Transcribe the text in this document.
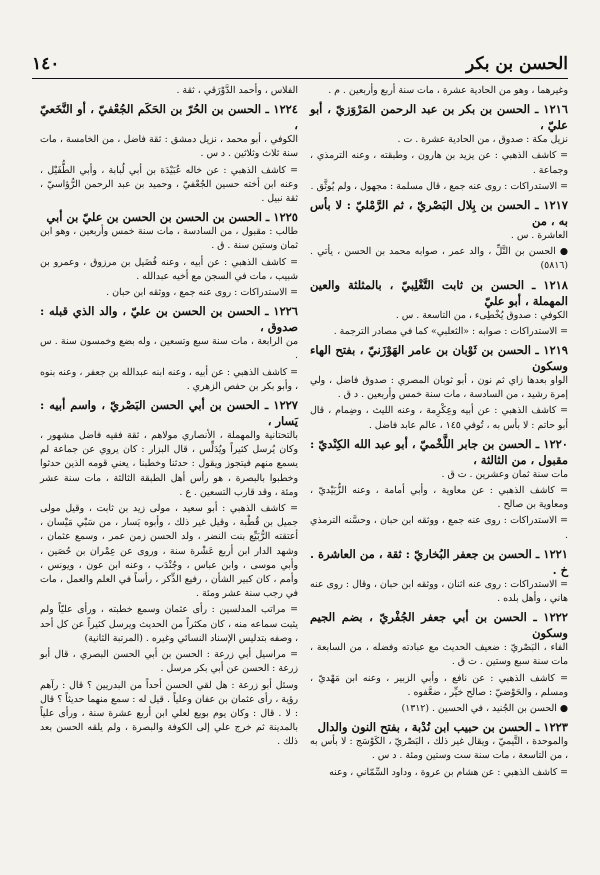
الحسن بن بكر
١٤٠

وغيرهما ، وهو من الحادية عشرة ، مات سنة أربع وأربعين . م .

١٢١٦ ـ الحسن بن بكر بن عبد الرحمن المَرْوَزيّ ، أبو عليّ ،

نزيل مكة : صدوق ، من الحادية عشرة . ت .

= كاشف الذهبي : عن يزيد بن هارون ، وطبقته ، وعنه الترمذي ، وجماعة .

= الاستدراكات : روى عنه جمع ، قال مسلمة : مجهول ، ولم يُوثَّق .

١٢١٧ ـ الحسن بن بِلال البَصْريّ ، ثم الرَّمْليّ : لا بأس به ، من

العاشرة . س .

● الحسن بن التَّلِّ ، والد عمر ، صوابه محمد بن الحسن ، يأتي . (٥٨١٦)

١٢١٨ ـ الحسن بن ثابت التَّغْلِبيّ ، بالمثلثة والعين المهملة ، أبو عليّ

الكوفي : صدوق يُخْطِىء ، من التاسعة . س .

= الاستدراكات : صوابه : «الثعلبي» كما في مصادر الترجمة .

١٢١٩ ـ الحسن بن ثَوْبان بن عامر الهَوْزَنيّ ، بفتح الهاء وسكون

الواو بعدها زاي ثم نون ، أبو ثوبان المصري : صدوق فاضل ، ولي إمرة رشيد ، من السادسة ، مات سنة خمس وأربعين . د ق .

= كاشف الذهبي : عن أبيه وعِكْرِمة ، وعنه الليث ، وضِمام ، قال أبو حاتم : لا بأس به ، تُوفي ١٤٥ ، عالم عابد فاضل .

١٢٢٠ ـ الحسن بن جابر اللَّخْميّ ، أبو عبد الله الكِنْديّ : مقبول ، من الثالثة ،

مات سنة ثمان وعشرين . ت ق .

= كاشف الذهبي : عن معاوية ، وأبي أمامة ، وعنه الزُّبَيْديّ ، ومعاوية بن صالح .

= الاستدراكات : روى عنه جمع ، ووثقه ابن حبان ، وحسَّنه الترمذي .

١٢٢١ ـ الحسن بن جعفر البُخاريّ : ثقة ، من العاشرة . خ .

= الاستدراكات : روى عنه اثنان ، ووثقه ابن حبان ، وقال : روى عنه هاني ، وأهل بلده .

١٢٢٢ ـ الحسن بن أبي جعفر الجُفْريّ ، بضم الجيم وسكون

الفاء ، البَصْريّ : ضعيف الحديث مع عبادته وفضله ، من السابعة ، مات سنة سبع وستين . ت ق .

= كاشف الذهبي : عن نافع ، وأبي الزبير ، وعنه ابن مَهْديّ ، ومسلم ، والحَوْضيّ : صالح خيِّر ، ضعَّفوه .

● الحسن بن الجُنيد ، في الحسين . (١٣١٢)

١٢٢٣ ـ الحسن بن حبيب ابن نُدْبة ، بفتح النون والدال

والموحدة ، التَّيميّ ، ويقال غير ذلك ، البَصْريّ ، الكَوْسَج : لا بأس به ، من التاسعة ، مات سنة ست وستين ومئة . د س .

= كاشف الذهبي : عن هشام بن عروة ، وداود السِّمّاني ، وعنه

الفلاس ، وأحمد الدَّوْرَقي ، ثقة .

١٢٢٤ ـ الحسن بن الحُرّ بن الحَكَم الجُعْفيّ ، أو النَّخَعيّ ،

الكوفي ، أبو محمد ، نزيل دمشق : ثقة فاضل ، من الخامسة ، مات سنة ثلاث وثلاثين . د س .

= كاشف الذهبي : عن خاله عُبَيْدَة بن أبي لُبابة ، وأبي الطُّفَيْل ، وعنه ابن أخته حسين الجُعْفيّ ، وحميد بن عبد الرحمن الرُّؤاسيّ ، ثقة نبيل .

١٢٢٥ ـ الحسن بن الحسن بن الحسن بن عليّ بن أبي

طالب : مقبول ، من السادسة ، مات سنة خمس وأربعين ، وهو ابن ثمان وستين سنة . ق .

= كاشف الذهبي : عن أبيه ، وعنه فُضَيل بن مرزوق ، وعمرو بن شبيب ، مات في السجن مع أخيه عبدالله .

= الاستدراكات : روى عنه جمع ، ووثقه ابن حبان .

١٢٢٦ ـ الحسن بن الحسن بن عليّ ، والد الذي قبله : صدوق ،

من الرابعة ، مات سنة سبع وتسعين ، وله بضع وخمسون سنة . س .

= كاشف الذهبي : عن أبيه ، وعنه ابنه عبدالله بن جعفر ، وعنه بنوه ، وأبو بكر بن حفص الزهري .

١٢٢٧ ـ الحسن بن أبي الحسن البَصْريّ ، واسم أبيه : يَسار ،

بالتحتانية والمهملة ، الأنصاري مولاهم ، ثقة فقيه فاضل مشهور ، وكان يُرسل كثيراً ويُدَلِّس ، قال البزار : كان يروي عن جماعة لم يسمع منهم فيتجوز ويقول : حدثنا وخطبنا ، يعني قومه الذين حدثوا وخطبوا بالبصرة ، هو رأس أهل الطبقة الثالثة ، مات سنة عشر ومئة ، وقد قارب التسعين . ع .

= كاشف الذهبي : أبو سعيد ، مولى زيد بن ثابت ، وقيل مولى جميل بن قُطْبة ، وقيل غير ذلك ، وأبوه يَسار ، من سَبْي مَيْسان ، أعتقته الرُّبَيِّع بنت النضر ، ولد الحسن زمن عمر ، وسمع عثمان ، وشهد الدار ابن أربع عَشْرة سنة ، وروى عن عِمْران بن حُصَين ، وأبي موسى ، وابن عباس ، وجُنْدَب ، وعنه ابن عون ، ويونس ، وأمم ، كان كبير الشأن ، رفيع الذِّكر ، رأساً في العلم والعمل ، مات في رجب سنة عشر ومئة .

= مراتب المدلسين : رأى عثمان وسمع خطبته ، ورأى عليّاً ولم يثبت سماعه منه ، كان مكثراً من الحديث ويرسل كثيراً عن كل أحد ، وصفه بتدليس الإسناد النسائي وغيره . (المرتبة الثانية)

= مراسيل أبي زرعة : الحسن بن أبي الحسن البصري ، قال أبو زرعة : الحسن عن أبي بكر مرسل .

وسئل أبو زرعة : هل لقي الحسن أحداً من البدريين ؟ قال : رآهم رؤية ، رأى عثمان بن عفان وعلياً . قيل له : سمع منهما حديثاً ؟ قال : لا . قال : وكان يوم بويع لعلي ابن أربع عشرة سنة ، ورأى علياً بالمدينة ثم خرج علي إلى الكوفة والبصرة ، ولم يلقه الحسن بعد ذلك .
